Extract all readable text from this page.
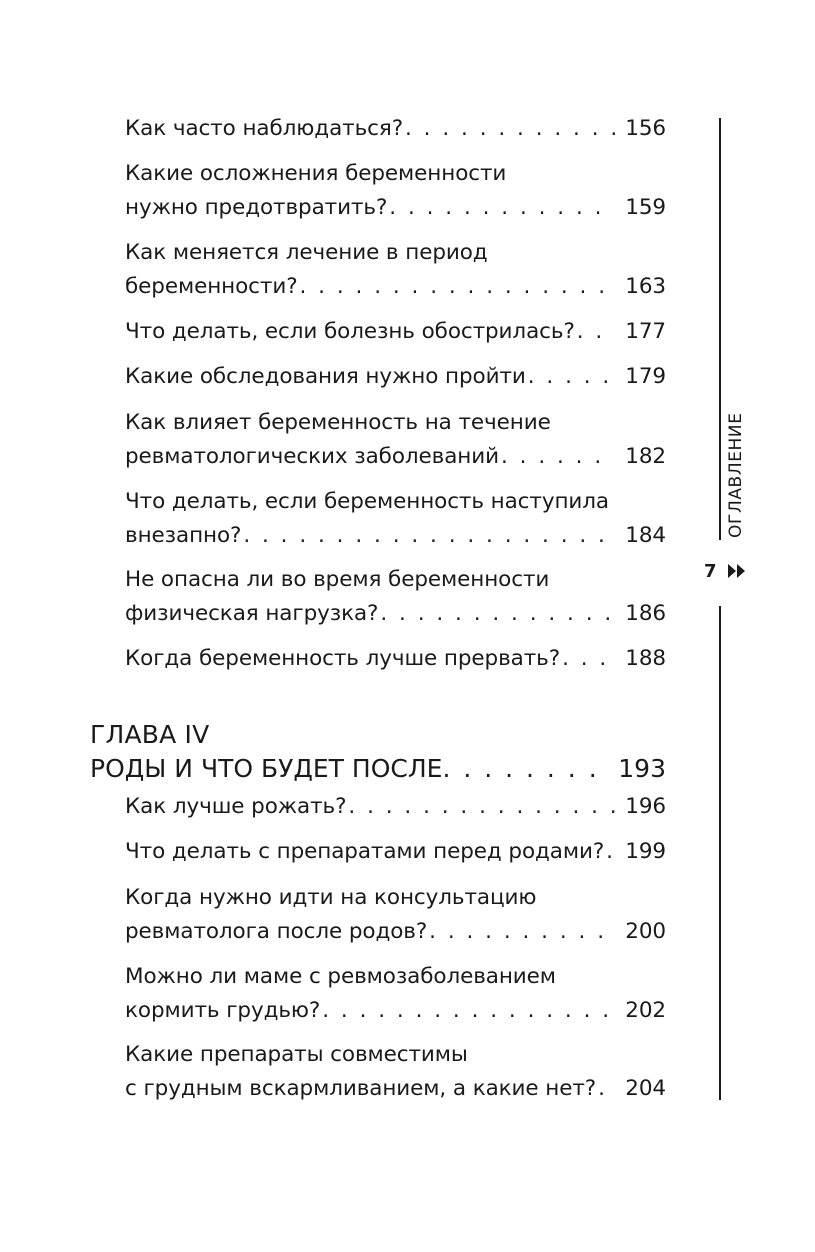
Как часто наблюдаться? . . .	156
Какие осложнения беременности
нужно предотвратить? . . .	159
Как меняется лечение в период
беременности? . . .	163
Что делать, если болезнь обострилась? . . . 177
Какие обследования нужно пройти . . .	179
Как влияет беременность на течение
ревматологических заболеваний . . .	182
Что делать, если беременность наступила
внезапно? . . .	184
Не опасна ли во время беременности
физическая нагрузка? . . .	186
Когда беременность лучше прервать? . . .	188
ГЛАВА IV
РОДЫ И ЧТО БУДЕТ ПОСЛЕ . . .	193
Как лучше рожать? . . .	196
Что делать с препаратами перед родами? . . . 199
Когда нужно идти на консультацию
ревматолога после родов? . . .	200
Можно ли маме с ревмозаболеванием
кормить грудью? . . .	202
Какие препараты совместимы
с грудным вскармливанием, а какие нет? . . . 204
ОГЛАВЛЕНИЕ
7
